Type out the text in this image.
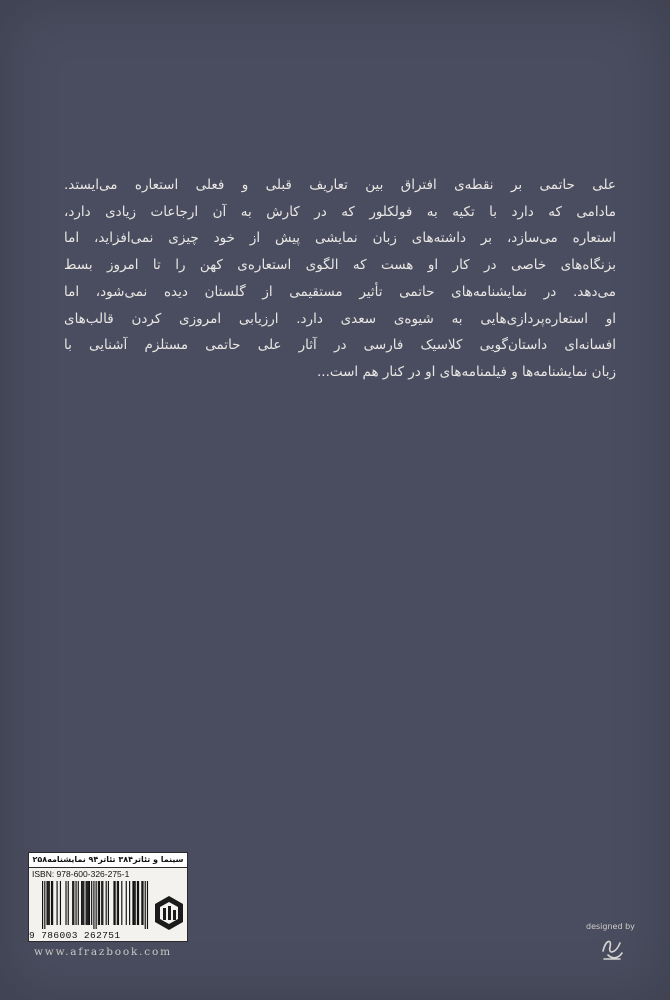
علی حاتمی بر نقطه‌ی افتراق بین تعاریف قبلی و فعلی استعاره می‌ایستد.
مادامی که دارد با تکیه به فولکلور که در کارش به آن ارجاعات زیادی دارد،
استعاره می‌سازد، بر داشته‌های زبان نمایشی پیش از خود چیزی نمی‌افزاید، اما
بزنگاه‌های خاصی در کار او هست که الگوی استعاره‌ی کهن را تا امروز بسط
می‌دهد. در نمایشنامه‌های حاتمی تأثیر مستقیمی از گلستان دیده نمی‌شود، اما
او استعاره‌پردازی‌هایی به شیوه‌ی سعدی دارد. ارزیابی امروزی کردن قالب‌های
افسانه‌ای داستان‌گویی کلاسیک فارسی در آثار علی حاتمی مستلزم آشنایی با
زبان نمایشنامه‌ها و فیلمنامه‌های او در کنار هم است...
سینما و تئاتر۳۸۴ تئاتر۹۴ نمایشنامه۲۵۸
ISBN: 978-600-326-275-1
9 786003 262751
www.afrazbook.com
designed by
